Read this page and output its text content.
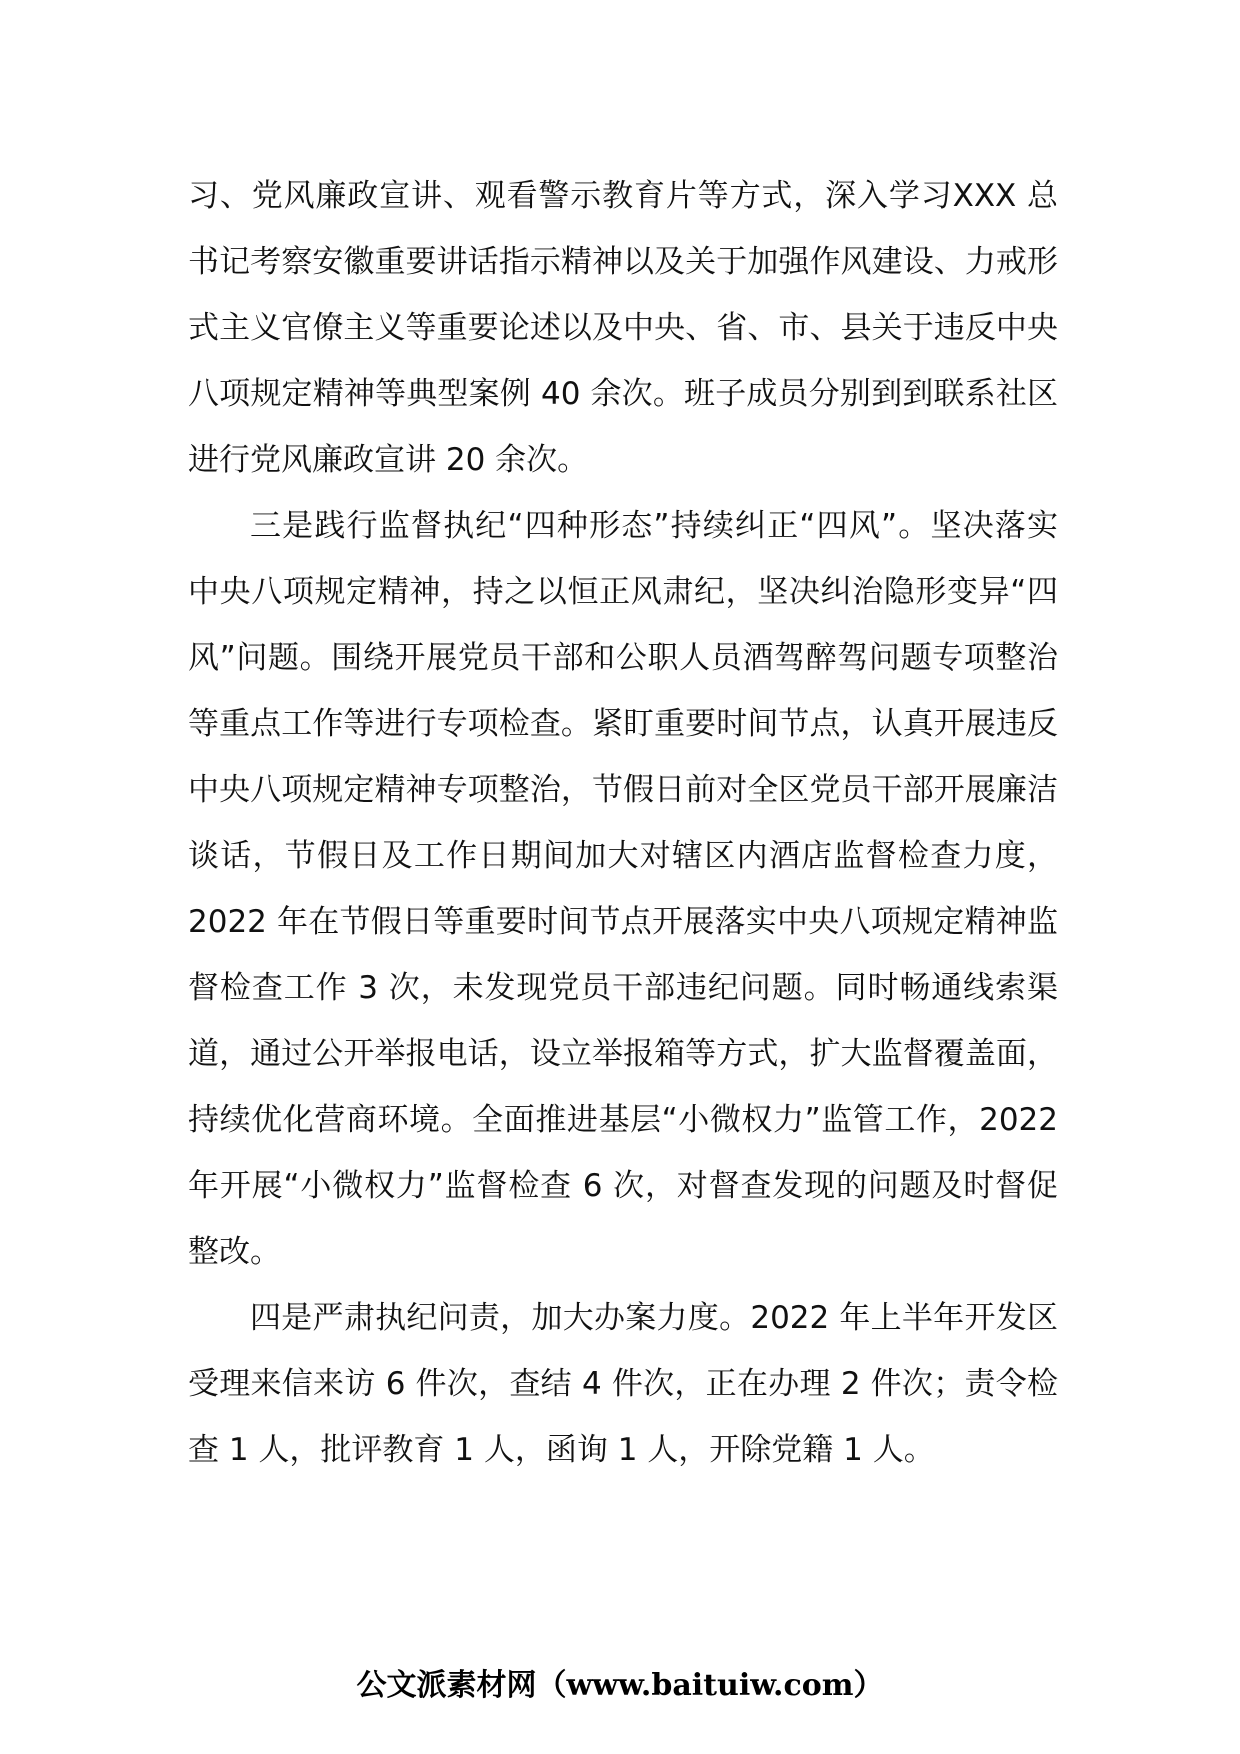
习、党风廉政宣讲、观看警示教育片等方式，深入学习XXX 总书记考察安徽重要讲话指示精神以及关于加强作风建设、力戒形式主义官僚主义等重要论述以及中央、省、市、县关于违反中央八项规定精神等典型案例 40 余次。班子成员分别到到联系社区进行党风廉政宣讲 20 余次。

三是践行监督执纪“四种形态”持续纠正“四风”。坚决落实中央八项规定精神，持之以恒正风肃纪，坚决纠治隐形变异“四风”问题。围绕开展党员干部和公职人员酒驾醉驾问题专项整治等重点工作等进行专项检查。紧盯重要时间节点，认真开展违反中央八项规定精神专项整治，节假日前对全区党员干部开展廉洁谈话，节假日及工作日期间加大对辖区内酒店监督检查力度，2022 年在节假日等重要时间节点开展落实中央八项规定精神监督检查工作 3 次，未发现党员干部违纪问题。同时畅通线索渠道，通过公开举报电话，设立举报箱等方式，扩大监督覆盖面，持续优化营商环境。全面推进基层“小微权力”监管工作，2022 年开展“小微权力”监督检查 6 次，对督查发现的问题及时督促整改。

四是严肃执纪问责，加大办案力度。2022 年上半年开发区受理来信来访 6 件次，查结 4 件次，正在办理 2 件次；责令检查 1 人，批评教育 1 人，函询 1 人，开除党籍 1 人。

公文派素材网（www.baituiw.com）
